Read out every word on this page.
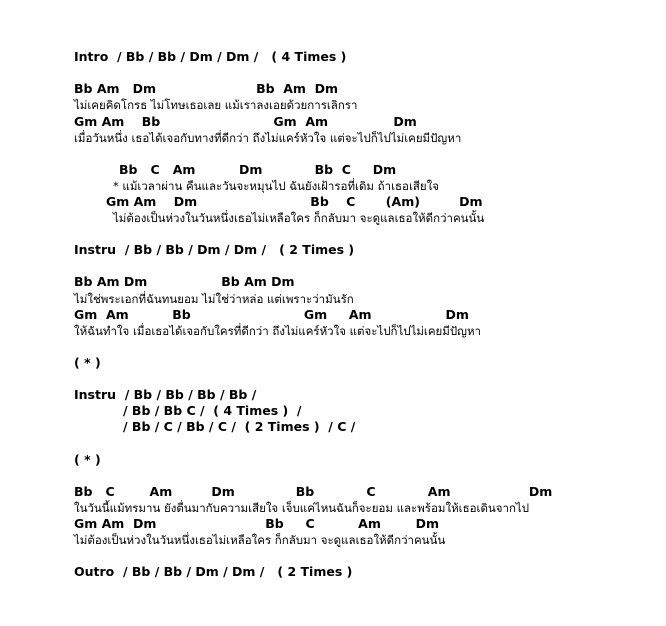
Intro  / Bb / Bb / Dm / Dm /   ( 4 Times )
Bb Am   Dm                       Bb  Am  Dm
ไม่เคยคิดโกรธ ไม่โทษเธอเลย แม้เราลงเอยด้วยการเลิกรา
Gm Am    Bb                          Gm  Am               Dm
เมื่อวันหนึ่ง เธอได้เจอกับทางที่ดีกว่า ถึงไม่แคร์หัวใจ แต่จะไปก็ไปไม่เคยมีปัญหา
Bb   C   Am          Dm            Bb  C     Dm
* แม้เวลาผ่าน คืนและวันจะหมุนไป ฉันยังเฝ้ารอที่เดิม ถ้าเธอเสียใจ
Gm Am    Dm                          Bb    C       (Am)         Dm
ไม่ต้องเป็นห่วงในวันหนึ่งเธอไม่เหลือใคร ก็กลับมา จะดูแลเธอให้ดีกว่าคนนั้น
Instru  / Bb / Bb / Dm / Dm /   ( 2 Times )
Bb Am Dm                 Bb Am Dm
ไม่ใช่พระเอกที่ฉันทนยอม ไม่ใช่ว่าหล่อ แต่เพราะว่ามันรัก
Gm  Am          Bb                          Gm     Am                 Dm
ให้ฉันทำใจ เมื่อเธอได้เจอกับใครที่ดีกว่า ถึงไม่แคร์หัวใจ แต่จะไปก็ไปไม่เคยมีปัญหา
( * )
Instru  / Bb / Bb / Bb / Bb /
/ Bb / Bb C /  ( 4 Times )  /
/ Bb / C / Bb / C /  ( 2 Times )  / C /
( * )
Bb   C        Am         Dm              Bb            C            Am                  Dm
ในวันนี้แม้ทรมาน ยังตื่นมากับความเสียใจ เจ็บแค่ไหนฉันก็จะยอม และพร้อมให้เธอเดินจากไป
Gm Am  Dm                         Bb     C          Am        Dm
ไม่ต้องเป็นห่วงในวันหนึ่งเธอไม่เหลือใคร ก็กลับมา จะดูแลเธอให้ดีกว่าคนนั้น
Outro  / Bb / Bb / Dm / Dm /   ( 2 Times )
